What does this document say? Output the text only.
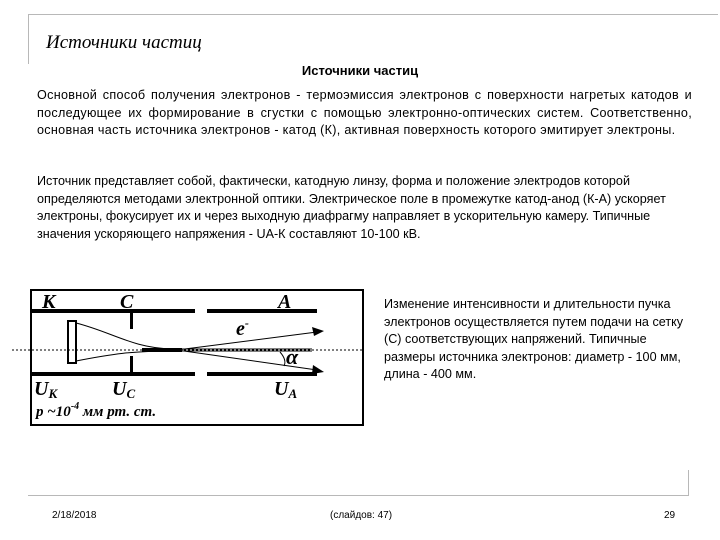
Источники частиц
Источники частиц

Основной способ получения электронов - термоэмиссия электронов с поверхности нагретых катодов и последующее их формирование в сгустки с помощью электронно-оптических систем. Соответственно, основная часть источника электронов - катод (К), активная поверхность которого эмитирует электроны.

Источник представляет собой, фактически, катодную линзу, форма и положение электродов которой определяются методами электронной оптики. Электрическое поле в промежутке катод-анод (К-А) ускоряет электроны, фокусирует их и через выходную диафрагму направляет в ускорительную камеру. Типичные значения ускоряющего напряжения - UA-К составляют 10-100 кВ.

К	С	А
e-
α
UК	UС	UА
p $\sim 10^{-4}$ мм рт. ст.

Изменение интенсивности и длительности пучка электронов осуществляется путем подачи на сетку (С) соответствующих напряжений. Типичные размеры источника электронов: диаметр - 100 мм, длина - 400 мм.

2/18/2018	(слайдов: 47)	29
